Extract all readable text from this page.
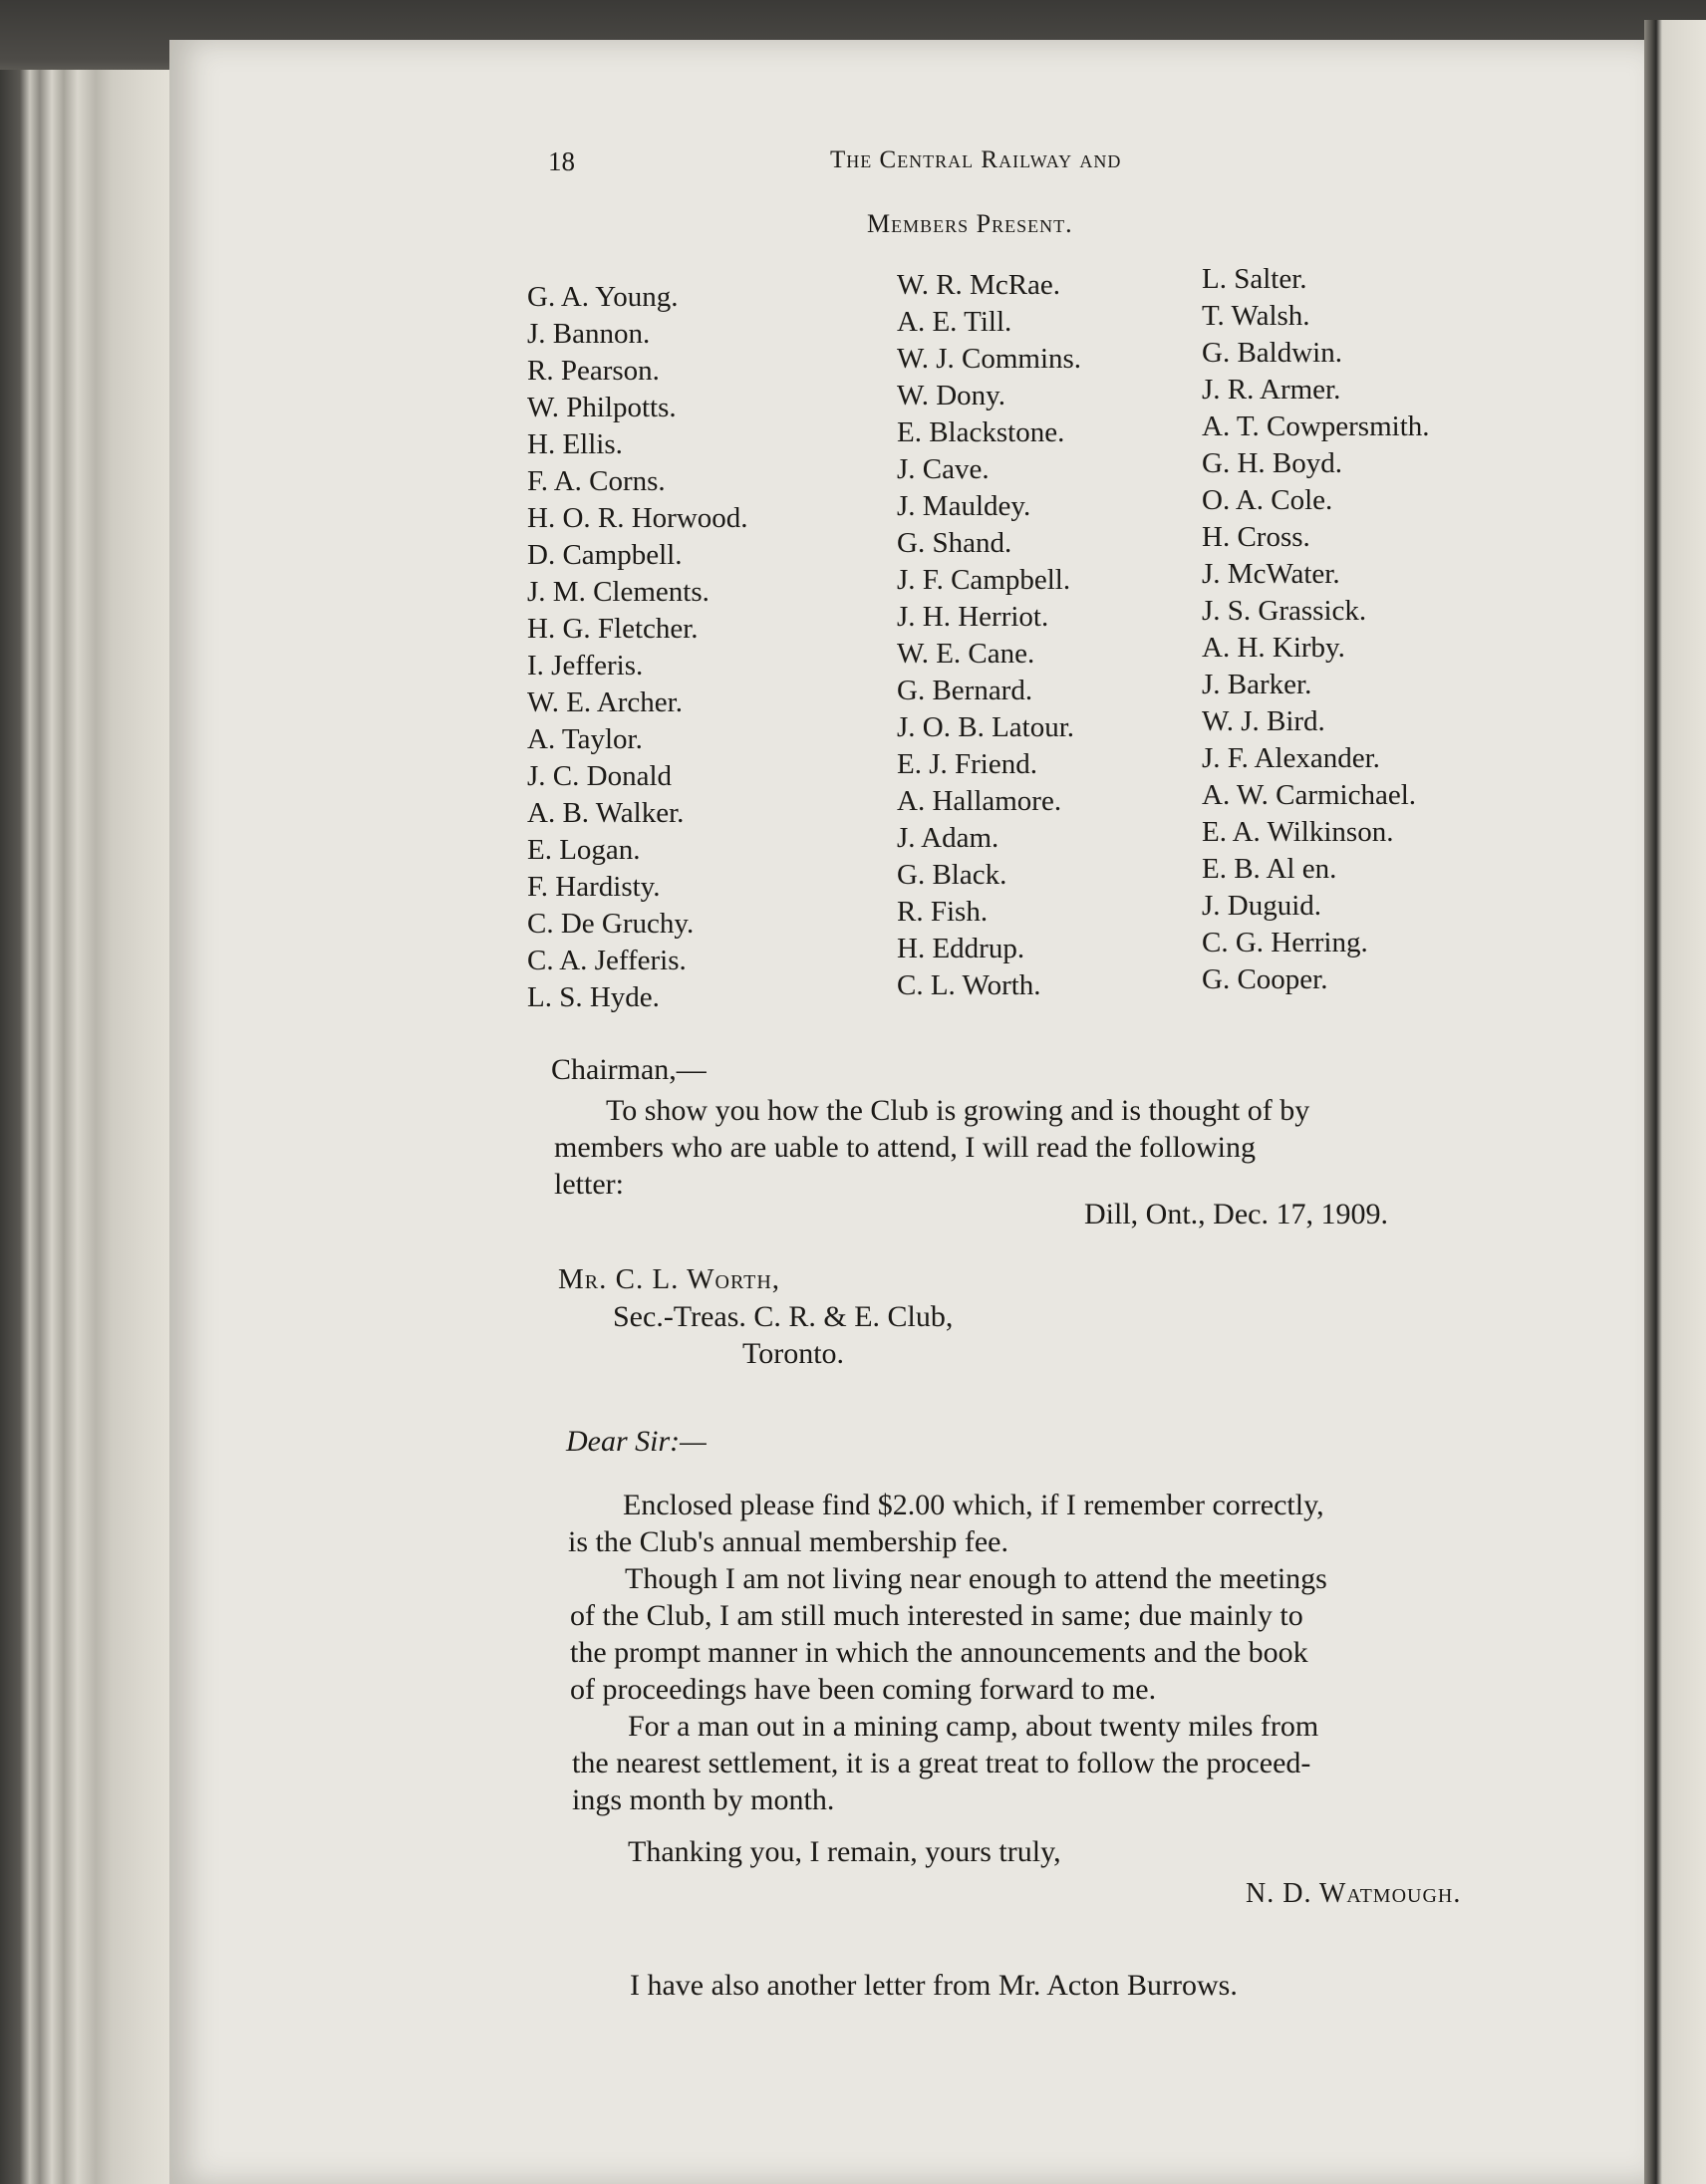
18	The Central Railway and
Members Present.
G. A. Young.
J. Bannon.
R. Pearson.
W. Philpotts.
H. Ellis.
F. A. Corns.
H. O. R. Horwood.
D. Campbell.
J. M. Clements.
H. G. Fletcher.
I. Jefferis.
W. E. Archer.
A. Taylor.
J. C. Donald
A. B. Walker.
E. Logan.
F. Hardisty.
C. De Gruchy.
C. A. Jefferis.
L. S. Hyde.
W. R. McRae.
A. E. Till.
W. J. Commins.
W. Dony.
E. Blackstone.
J. Cave.
J. Mauldey.
G. Shand.
J. F. Campbell.
J. H. Herriot.
W. E. Cane.
G. Bernard.
J. O. B. Latour.
E. J. Friend.
A. Hallamore.
J. Adam.
G. Black.
R. Fish.
H. Eddrup.
C. L. Worth.
L. Salter.
T. Walsh.
G. Baldwin.
J. R. Armer.
A. T. Cowpersmith.
G. H. Boyd.
O. A. Cole.
H. Cross.
J. McWater.
J. S. Grassick.
A. H. Kirby.
J. Barker.
W. J. Bird.
J. F. Alexander.
A. W. Carmichael.
E. A. Wilkinson.
E. B. Al en.
J. Duguid.
C. G. Herring.
G. Cooper.
Chairman,—
To show you how the Club is growing and is thought of by
members who are uable to attend, I will read the following
letter:
Dill, Ont., Dec. 17, 1909.
Mr. C. L. Worth,
Sec.-Treas. C. R. & E. Club,
Toronto.
Dear Sir:—
Enclosed please find $2.00 which, if I remember correctly,
is the Club's annual membership fee.
Though I am not living near enough to attend the meetings
of the Club, I am still much interested in same; due mainly to
the prompt manner in which the announcements and the book
of proceedings have been coming forward to me.
For a man out in a mining camp, about twenty miles from
the nearest settlement, it is a great treat to follow the proceed-
ings month by month.
Thanking you, I remain, yours truly,
N. D. Watmough.
I have also another letter from Mr. Acton Burrows.
